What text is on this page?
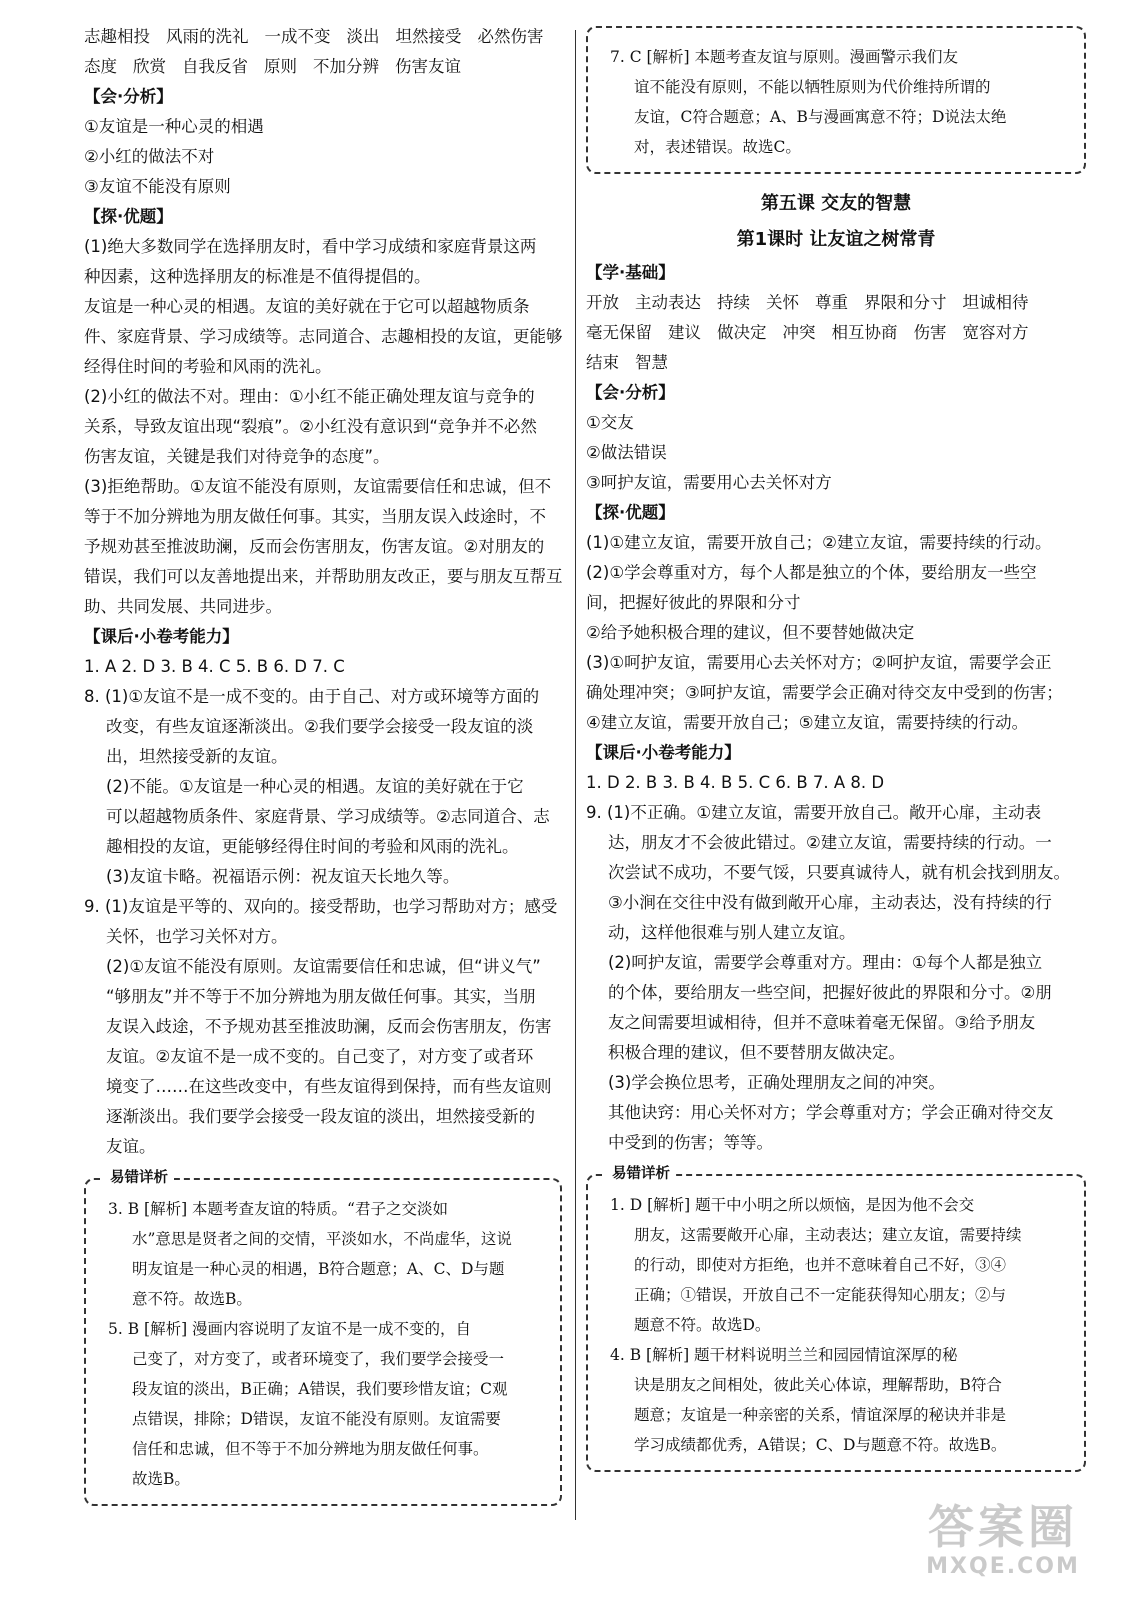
志趣相投 风雨的洗礼 一成不变 淡出 坦然接受 必然伤害
态度 欣赏 自我反省 原则 不加分辨 伤害友谊

【会·分析】

①友谊是一种心灵的相遇

②小红的做法不对

③友谊不能没有原则

【探·优题】

(1)绝大多数同学在选择朋友时，看中学习成绩和家庭背景这两

种因素，这种选择朋友的标准是不值得提倡的。

友谊是一种心灵的相遇。友谊的美好就在于它可以超越物质条

件、家庭背景、学习成绩等。志同道合、志趣相投的友谊，更能够

经得住时间的考验和风雨的洗礼。

(2)小红的做法不对。理由：①小红不能正确处理友谊与竞争的

关系，导致友谊出现“裂痕”。②小红没有意识到“竞争并不必然

伤害友谊，关键是我们对待竞争的态度”。

(3)拒绝帮助。①友谊不能没有原则，友谊需要信任和忠诚，但不

等于不加分辨地为朋友做任何事。其实，当朋友误入歧途时，不

予规劝甚至推波助澜，反而会伤害朋友，伤害友谊。②对朋友的

错误，我们可以友善地提出来，并帮助朋友改正，要与朋友互帮互

助、共同发展、共同进步。

【课后·小卷考能力】

1. A 2. D 3. B 4. C 5. B 6. D 7. C

8. (1)①友谊不是一成不变的。由于自己、对方或环境等方面的

改变，有些友谊逐渐淡出。②我们要学会接受一段友谊的淡

出，坦然接受新的友谊。

(2)不能。①友谊是一种心灵的相遇。友谊的美好就在于它

可以超越物质条件、家庭背景、学习成绩等。②志同道合、志

趣相投的友谊，更能够经得住时间的考验和风雨的洗礼。

(3)友谊卡略。祝福语示例：祝友谊天长地久等。

9. (1)友谊是平等的、双向的。接受帮助，也学习帮助对方；感受

关怀，也学习关怀对方。

(2)①友谊不能没有原则。友谊需要信任和忠诚，但“讲义气”

“够朋友”并不等于不加分辨地为朋友做任何事。其实，当朋

友误入歧途，不予规劝甚至推波助澜，反而会伤害朋友，伤害

友谊。②友谊不是一成不变的。自己变了，对方变了或者环

境变了……在这些改变中，有些友谊得到保持，而有些友谊则

逐渐淡出。我们要学会接受一段友谊的淡出，坦然接受新的

友谊。

易错详析

3. B [解析] 本题考查友谊的特质。“君子之交淡如

水”意思是贤者之间的交情，平淡如水，不尚虚华，这说

明友谊是一种心灵的相遇，B符合题意；A、C、D与题

意不符。故选B。

5. B [解析] 漫画内容说明了友谊不是一成不变的，自

己变了，对方变了，或者环境变了，我们要学会接受一

段友谊的淡出，B正确；A错误，我们要珍惜友谊；C观

点错误，排除；D错误，友谊不能没有原则。友谊需要

信任和忠诚，但不等于不加分辨地为朋友做任何事。

故选B。

7. C [解析] 本题考查友谊与原则。漫画警示我们友

谊不能没有原则，不能以牺牲原则为代价维持所谓的

友谊，C符合题意；A、B与漫画寓意不符；D说法太绝

对，表述错误。故选C。

第五课 交友的智慧

第1课时 让友谊之树常青

【学·基础】

开放 主动表达 持续 关怀 尊重 界限和分寸 坦诚相待
毫无保留 建议 做决定 冲突 相互协商 伤害 宽容对方
结束 智慧

【会·分析】

①交友

②做法错误

③呵护友谊，需要用心去关怀对方

【探·优题】

(1)①建立友谊，需要开放自己；②建立友谊，需要持续的行动。

(2)①学会尊重对方，每个人都是独立的个体，要给朋友一些空

间，把握好彼此的界限和分寸

②给予她积极合理的建议，但不要替她做决定

(3)①呵护友谊，需要用心去关怀对方；②呵护友谊，需要学会正

确处理冲突；③呵护友谊，需要学会正确对待交友中受到的伤害；

④建立友谊，需要开放自己；⑤建立友谊，需要持续的行动。

【课后·小卷考能力】

1. D 2. B 3. B 4. B 5. C 6. B 7. A 8. D

9. (1)不正确。①建立友谊，需要开放自己。敞开心扉，主动表

达，朋友才不会彼此错过。②建立友谊，需要持续的行动。一

次尝试不成功，不要气馁，只要真诚待人，就有机会找到朋友。

③小涧在交往中没有做到敞开心扉，主动表达，没有持续的行

动，这样他很难与别人建立友谊。

(2)呵护友谊，需要学会尊重对方。理由：①每个人都是独立

的个体，要给朋友一些空间，把握好彼此的界限和分寸。②朋

友之间需要坦诚相待，但并不意味着毫无保留。③给予朋友

积极合理的建议，但不要替朋友做决定。

(3)学会换位思考，正确处理朋友之间的冲突。

其他诀窍：用心关怀对方；学会尊重对方；学会正确对待交友

中受到的伤害；等等。

易错详析

1. D [解析] 题干中小明之所以烦恼，是因为他不会交

朋友，这需要敞开心扉，主动表达；建立友谊，需要持续

的行动，即使对方拒绝，也并不意味着自己不好，③④

正确；①错误，开放自己不一定能获得知心朋友；②与

题意不符。故选D。

4. B [解析] 题干材料说明兰兰和园园情谊深厚的秘

诀是朋友之间相处，彼此关心体谅，理解帮助，B符合

题意；友谊是一种亲密的关系，情谊深厚的秘诀并非是

学习成绩都优秀，A错误；C、D与题意不符。故选B。

答案圈
MXQE.COM
